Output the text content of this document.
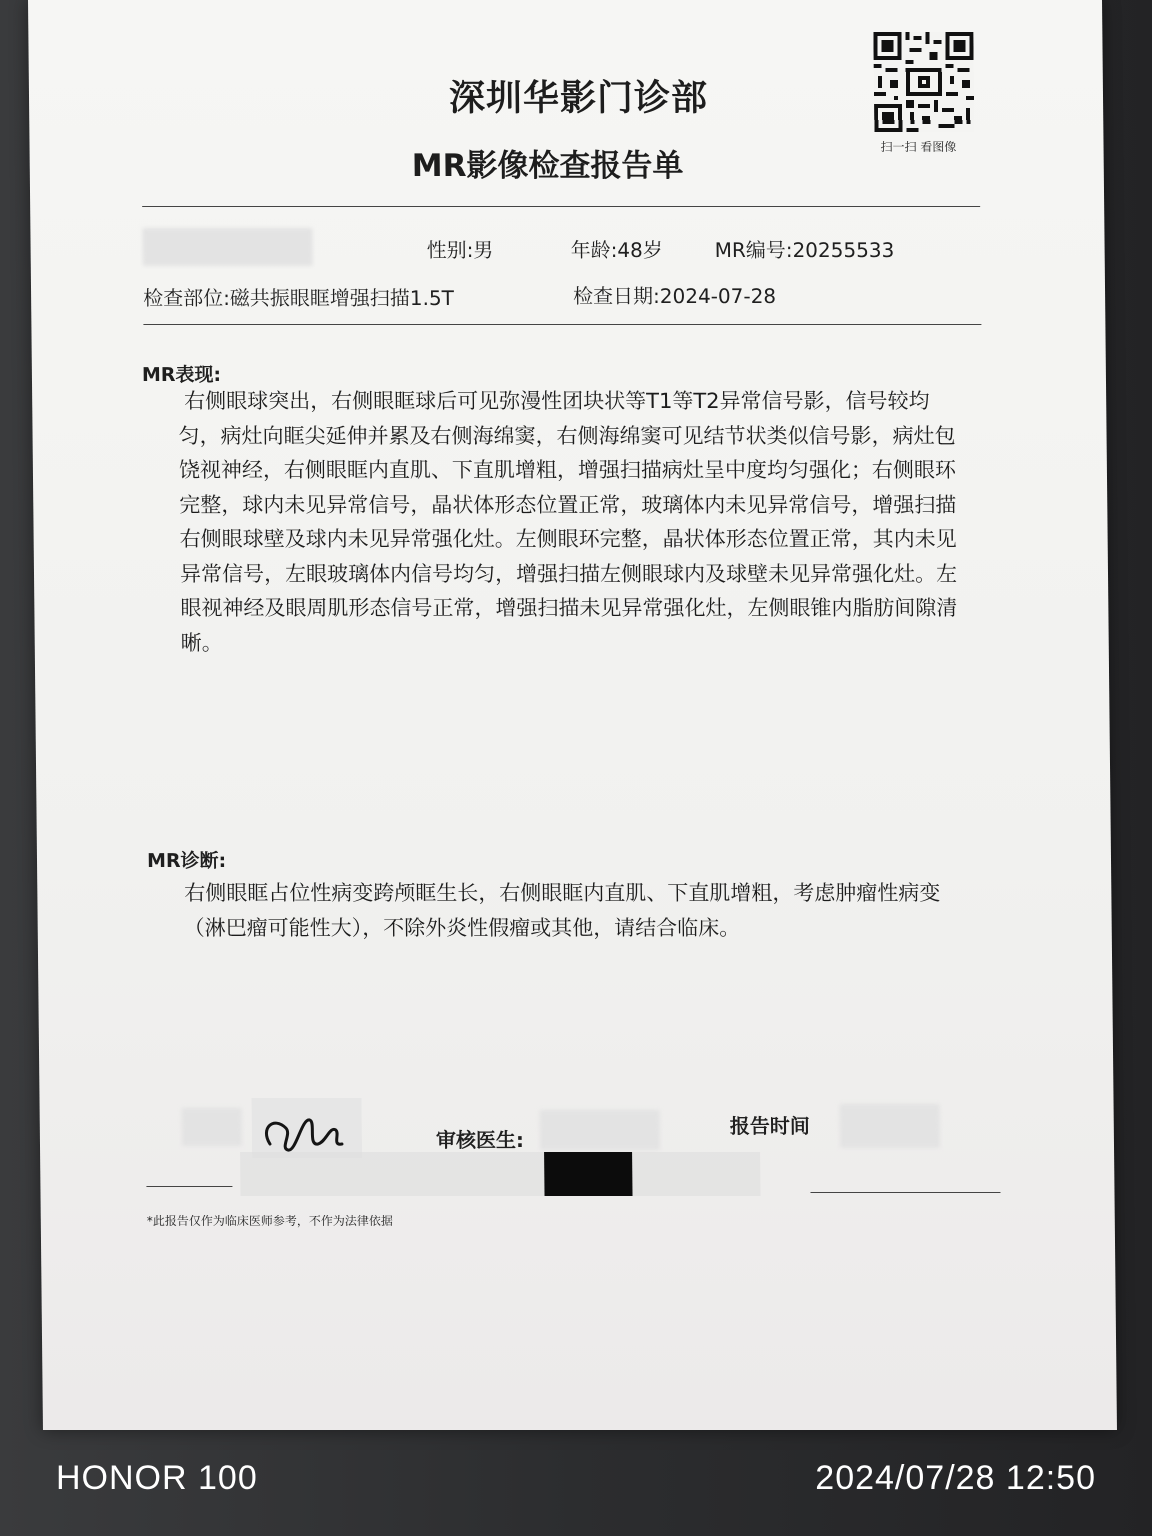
深圳华影门诊部
MR影像检查报告单
扫一扫 看图像
性别:男	年龄:48岁	MR编号:20255533
检查部位:磁共振眼眶增强扫描1.5T	检查日期:2024-07-28
MR表现:
右侧眼球突出，右侧眼眶球后可见弥漫性团块状等T1等T2异常信号影，信号较均匀，病灶向眶尖延伸并累及右侧海绵窦，右侧海绵窦可见结节状类似信号影，病灶包饶视神经，右侧眼眶内直肌、下直肌增粗，增强扫描病灶呈中度均匀强化；右侧眼环完整，球内未见异常信号，晶状体形态位置正常，玻璃体内未见异常信号，增强扫描右侧眼球壁及球内未见异常强化灶。左侧眼环完整，晶状体形态位置正常，其内未见异常信号，左眼玻璃体内信号均匀，增强扫描左侧眼球内及球壁未见异常强化灶。左眼视神经及眼周肌形态信号正常，增强扫描未见异常强化灶，左侧眼锥内脂肪间隙清晰。
MR诊断:
右侧眼眶占位性病变跨颅眶生长，右侧眼眶内直肌、下直肌增粗，考虑肿瘤性病变（淋巴瘤可能性大），不除外炎性假瘤或其他，请结合临床。
审核医生:
报告时间
*此报告仅作为临床医师参考，不作为法律依据
HONOR 100	2024/07/28 12:50
